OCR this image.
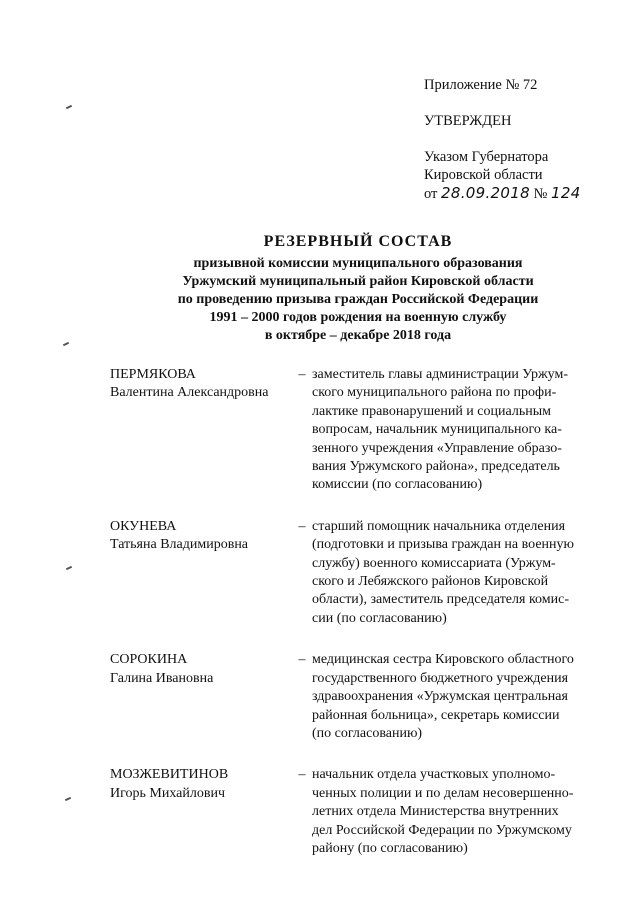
Приложение № 72
УТВЕРЖДЕН
Указом Губернатора
Кировской области
от 28.09.2018 № 124
РЕЗЕРВНЫЙ СОСТАВ
призывной комиссии муниципального образования
Уржумский муниципальный район Кировской области
по проведению призыва граждан Российской Федерации
1991 – 2000 годов рождения на военную службу
в октябре – декабре 2018 года
ПЕРМЯКОВА
Валентина Александровна
– заместитель главы администрации Уржум-
ского муниципального района по профи-
лактике правонарушений и социальным
вопросам, начальник муниципального ка-
зенного учреждения «Управление образо-
вания Уржумского района», председатель
комиссии (по согласованию)
ОКУНЕВА
Татьяна Владимировна
– старший помощник начальника отделения
(подготовки и призыва граждан на военную
службу) военного комиссариата (Уржум-
ского и Лебяжского районов Кировской
области), заместитель председателя комис-
сии (по согласованию)
СОРОКИНА
Галина Ивановна
– медицинская сестра Кировского областного
государственного бюджетного учреждения
здравоохранения «Уржумская центральная
районная больница», секретарь комиссии
(по согласованию)
МОЗЖЕВИТИНОВ
Игорь Михайлович
– начальник отдела участковых уполномо-
ченных полиции и по делам несовершенно-
летних отдела Министерства внутренних
дел Российской Федерации по Уржумскому
району (по согласованию)
